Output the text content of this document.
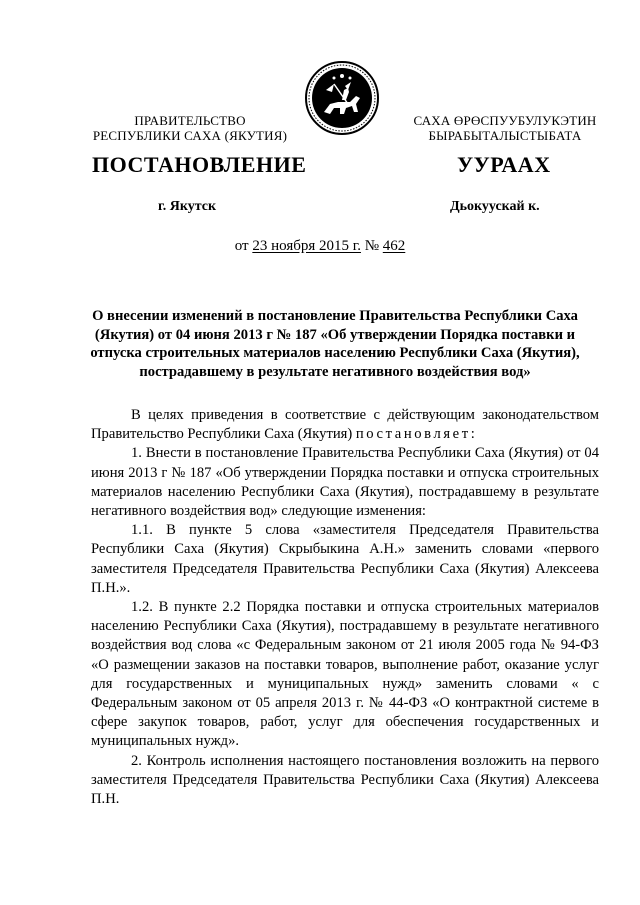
ПРАВИТЕЛЬСТВО
РЕСПУБЛИКИ САХА (ЯКУТИЯ)
САХА ӨРӨСПУУБУЛУКЭТИН
БЫРАБЫТАЛЫСТЫБАТА
ПОСТАНОВЛЕНИЕ	УУРААХ
г. Якутск	Дьокуускай к.
от 23 ноября 2015 г. № 462
О внесении изменений в постановление Правительства Республики Саха (Якутия) от 04 июня 2013 г № 187 «Об утверждении Порядка поставки и отпуска строительных материалов населению Республики Саха (Якутия), пострадавшему в результате негативного воздействия вод»

В целях приведения в соответствие с действующим законодательством Правительство Республики Саха (Якутия) постановляет:

1. Внести в постановление Правительства Республики Саха (Якутия) от 04 июня 2013 г № 187 «Об утверждении Порядка поставки и отпуска строительных материалов населению Республики Саха (Якутия), пострадавшему в результате негативного воздействия вод» следующие изменения:

1.1. В пункте 5 слова «заместителя Председателя Правительства Республики Саха (Якутия) Скрыбыкина А.Н.» заменить словами «первого заместителя Председателя Правительства Республики Саха (Якутия) Алексеева П.Н.».

1.2. В пункте 2.2 Порядка поставки и отпуска строительных материалов населению Республики Саха (Якутия), пострадавшему в результате негативного воздействия вод слова «с Федеральным законом от 21 июля 2005 года № 94-ФЗ «О размещении заказов на поставки товаров, выполнение работ, оказание услуг для государственных и муниципальных нужд» заменить словами « с Федеральным законом от 05 апреля 2013 г. № 44-ФЗ «О контрактной системе в сфере закупок товаров, работ, услуг для обеспечения государственных и муниципальных нужд».

2. Контроль исполнения настоящего постановления возложить на первого заместителя Председателя Правительства Республики Саха (Якутия) Алексеева П.Н.
